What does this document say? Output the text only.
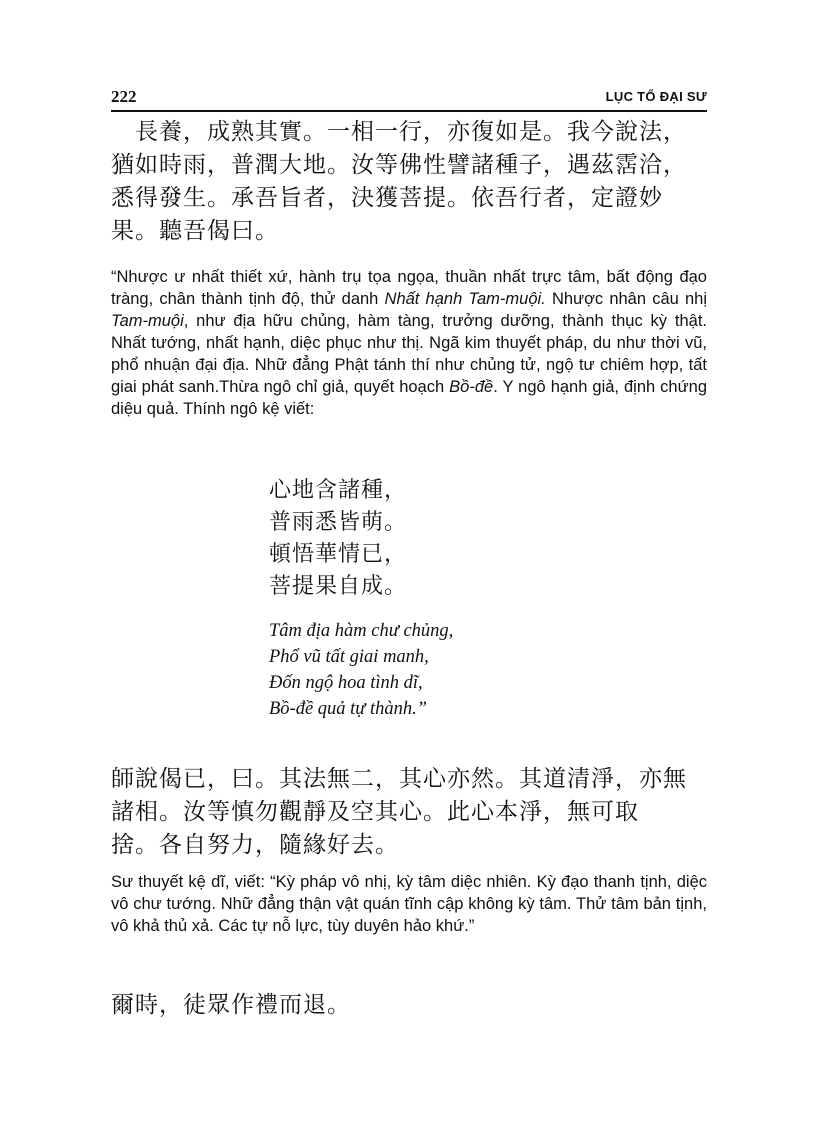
222	LỤC TỔ ĐẠI SƯ
　長養，成熟其實。一相一行，亦復如是。我今說法，
猶如時雨，普潤大地。汝等佛性譬諸種子，遇茲霑洽，
悉得發生。承吾旨者，決獲菩提。依吾行者，定證妙
果。聽吾偈曰。
“Nhược ư nhất thiết xứ, hành trụ tọa ngọa, thuần nhất trực tâm, bất động đạo tràng, chân thành tịnh độ, thử danh Nhất hạnh Tam-muội. Nhược nhân câu nhị Tam-muội, như địa hữu chủng, hàm tàng, trưởng dưỡng, thành thục kỳ thật. Nhất tướng, nhất hạnh, diệc phục như thị. Ngã kim thuyết pháp, du như thời vũ, phổ nhuận đại địa. Nhữ đẳng Phật tánh thí như chủng tử, ngộ tư chiêm hợp, tất giai phát sanh.Thừa ngô chỉ giả, quyết hoạch Bồ-đề. Y ngô hạnh giả, định chứng diệu quả. Thính ngô kệ viết:
心地含諸種，
普雨悉皆萌。
頓悟華情已，
菩提果自成。
Tâm địa hàm chư chủng,
Phổ vũ tất giai manh,
Đốn ngộ hoa tình dĩ,
Bồ-đề quả tự thành.”
師說偈已，曰。其法無二，其心亦然。其道清淨，亦無
諸相。汝等慎勿觀靜及空其心。此心本淨，無可取
捨。各自努力，隨緣好去。
Sư thuyết kệ dĩ, viết: “Kỳ pháp vô nhị, kỳ tâm diệc nhiên. Kỳ đạo thanh tịnh, diệc vô chư tướng. Nhữ đẳng thận vật quán tĩnh cập không kỳ tâm. Thử tâm bản tịnh, vô khả thủ xả. Các tự nỗ lực, tùy duyên hảo khứ.”
爾時，徒眾作禮而退。
